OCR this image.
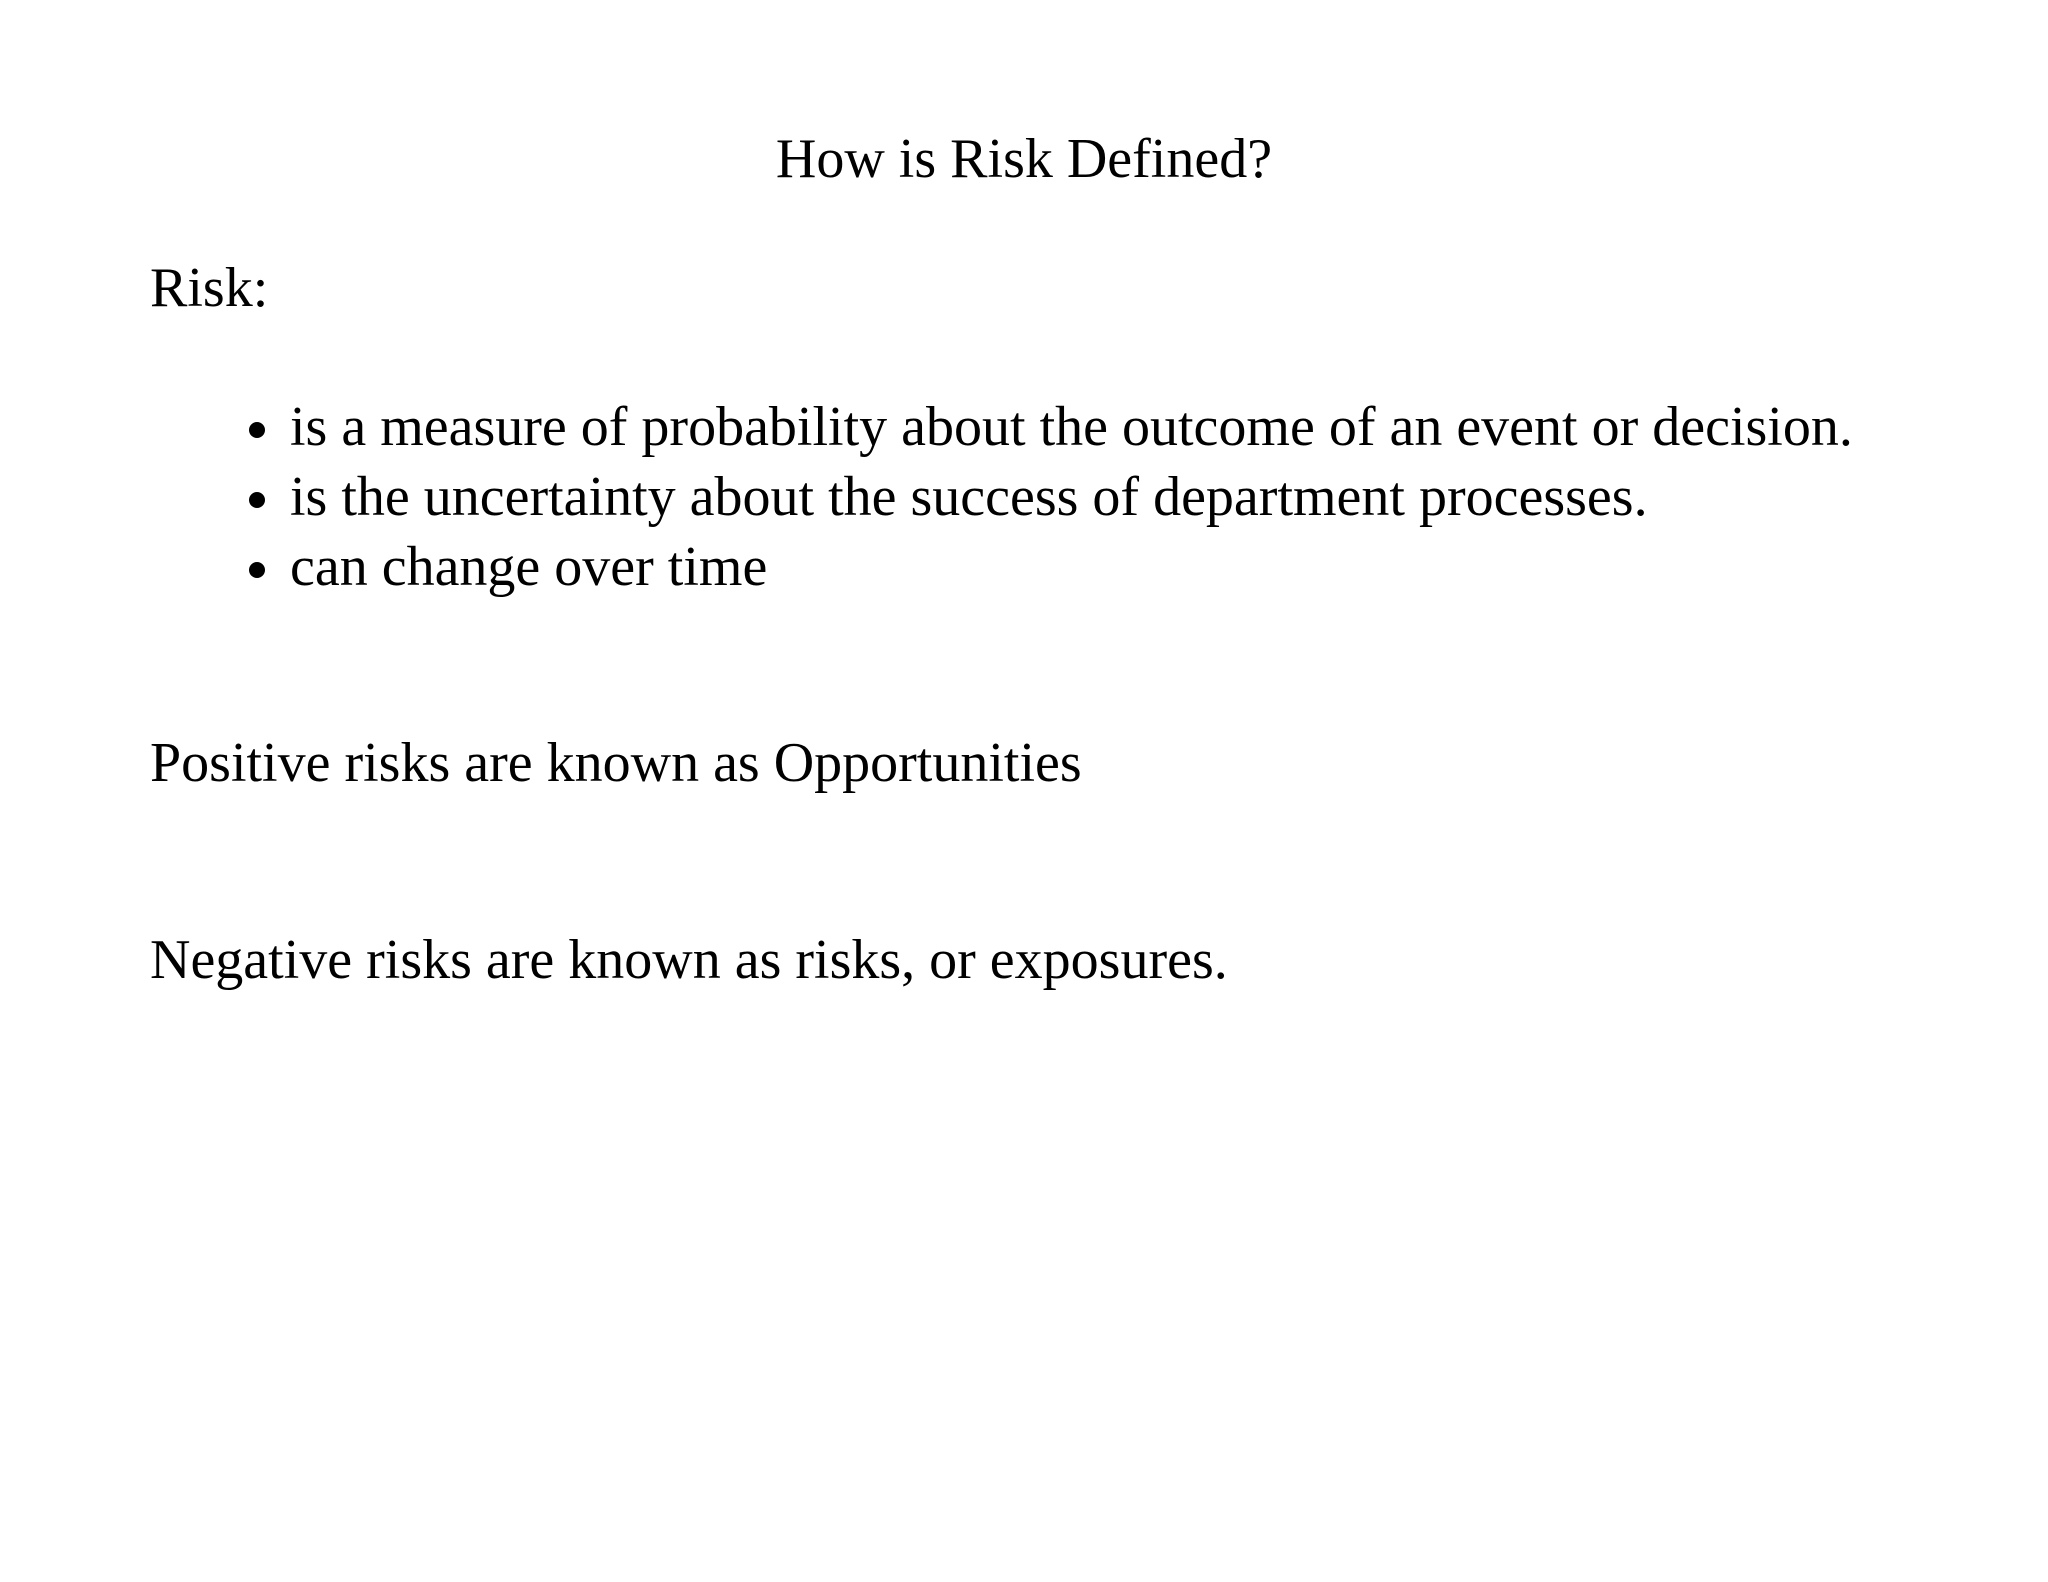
How is Risk Defined?

Risk:

is a measure of probability about the outcome of an event or decision.
is the uncertainty about the success of department processes.
can change over time

Positive risks are known as Opportunities

Negative risks are known as risks, or exposures.
